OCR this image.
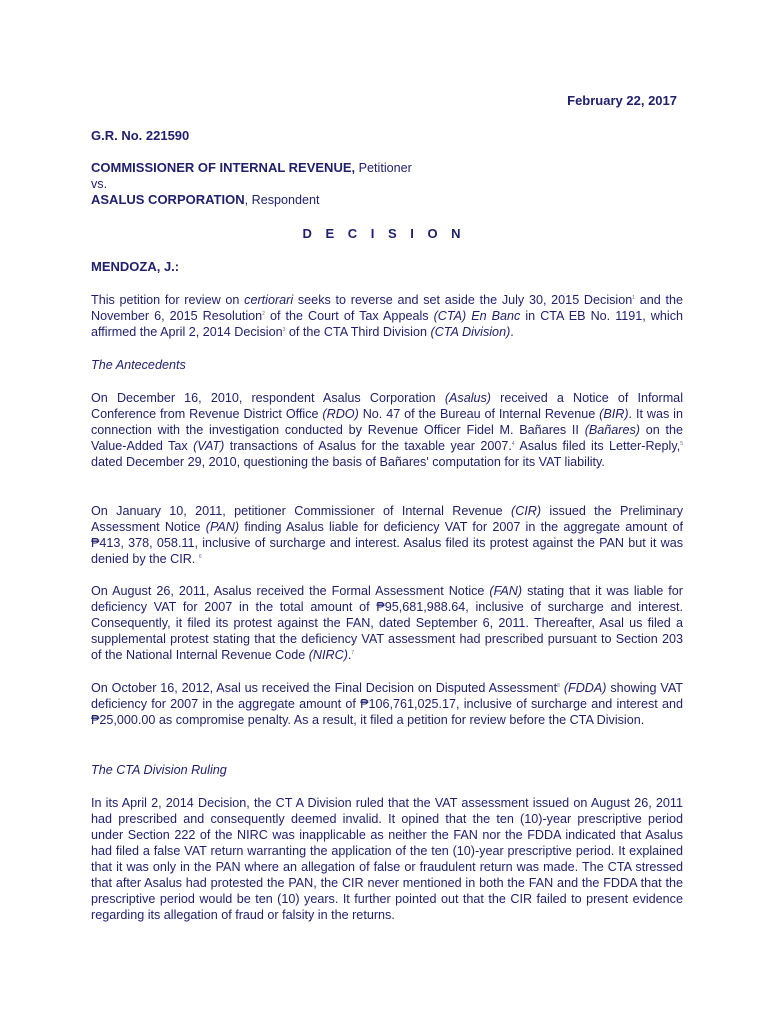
February 22, 2017
G.R. No. 221590
COMMISSIONER OF INTERNAL REVENUE, Petitioner
vs.
ASALUS CORPORATION, Respondent
D E C I S I O N
MENDOZA, J.:

This petition for review on certiorari seeks to reverse and set aside the July 30, 2015 Decision$^1$ and the November 6, 2015 Resolution$^2$ of the Court of Tax Appeals (CTA) En Banc in CTA EB No. 1191, which affirmed the April 2, 2014 Decision$^3$ of the CTA Third Division (CTA Division).

The Antecedents

On December 16, 2010, respondent Asalus Corporation (Asalus) received a Notice of Informal Conference from Revenue District Office (RDO) No. 47 of the Bureau of Internal Revenue (BIR). It was in connection with the investigation conducted by Revenue Officer Fidel M. Bañares II (Bañares) on the Value-Added Tax (VAT) transactions of Asalus for the taxable year 2007.$^4$ Asalus filed its Letter-Reply,$^5$ dated December 29, 2010, questioning the basis of Bañares' computation for its VAT liability.

On January 10, 2011, petitioner Commissioner of Internal Revenue (CIR) issued the Preliminary Assessment Notice (PAN) finding Asalus liable for deficiency VAT for 2007 in the aggregate amount of ₱413, 378, 058.11, inclusive of surcharge and interest. Asalus filed its protest against the PAN but it was denied by the CIR. $^6$

On August 26, 2011, Asalus received the Formal Assessment Notice (FAN) stating that it was liable for deficiency VAT for 2007 in the total amount of ₱95,681,988.64, inclusive of surcharge and interest. Consequently, it filed its protest against the FAN, dated September 6, 2011. Thereafter, Asal us filed a supplemental protest stating that the deficiency VAT assessment had prescribed pursuant to Section 203 of the National Internal Revenue Code (NIRC).$^7$

On October 16, 2012, Asal us received the Final Decision on Disputed Assessment$^8$ (FDDA) showing VAT deficiency for 2007 in the aggregate amount of ₱106,761,025.17, inclusive of surcharge and interest and ₱25,000.00 as compromise penalty. As a result, it filed a petition for review before the CTA Division.

The CTA Division Ruling

In its April 2, 2014 Decision, the CT A Division ruled that the VAT assessment issued on August 26, 2011 had prescribed and consequently deemed invalid. It opined that the ten (10)-year prescriptive period under Section 222 of the NIRC was inapplicable as neither the FAN nor the FDDA indicated that Asalus had filed a false VAT return warranting the application of the ten (10)-year prescriptive period. It explained that it was only in the PAN where an allegation of false or fraudulent return was made. The CTA stressed that after Asalus had protested the PAN, the CIR never mentioned in both the FAN and the FDDA that the prescriptive period would be ten (10) years. It further pointed out that the CIR failed to present evidence regarding its allegation of fraud or falsity in the returns.
